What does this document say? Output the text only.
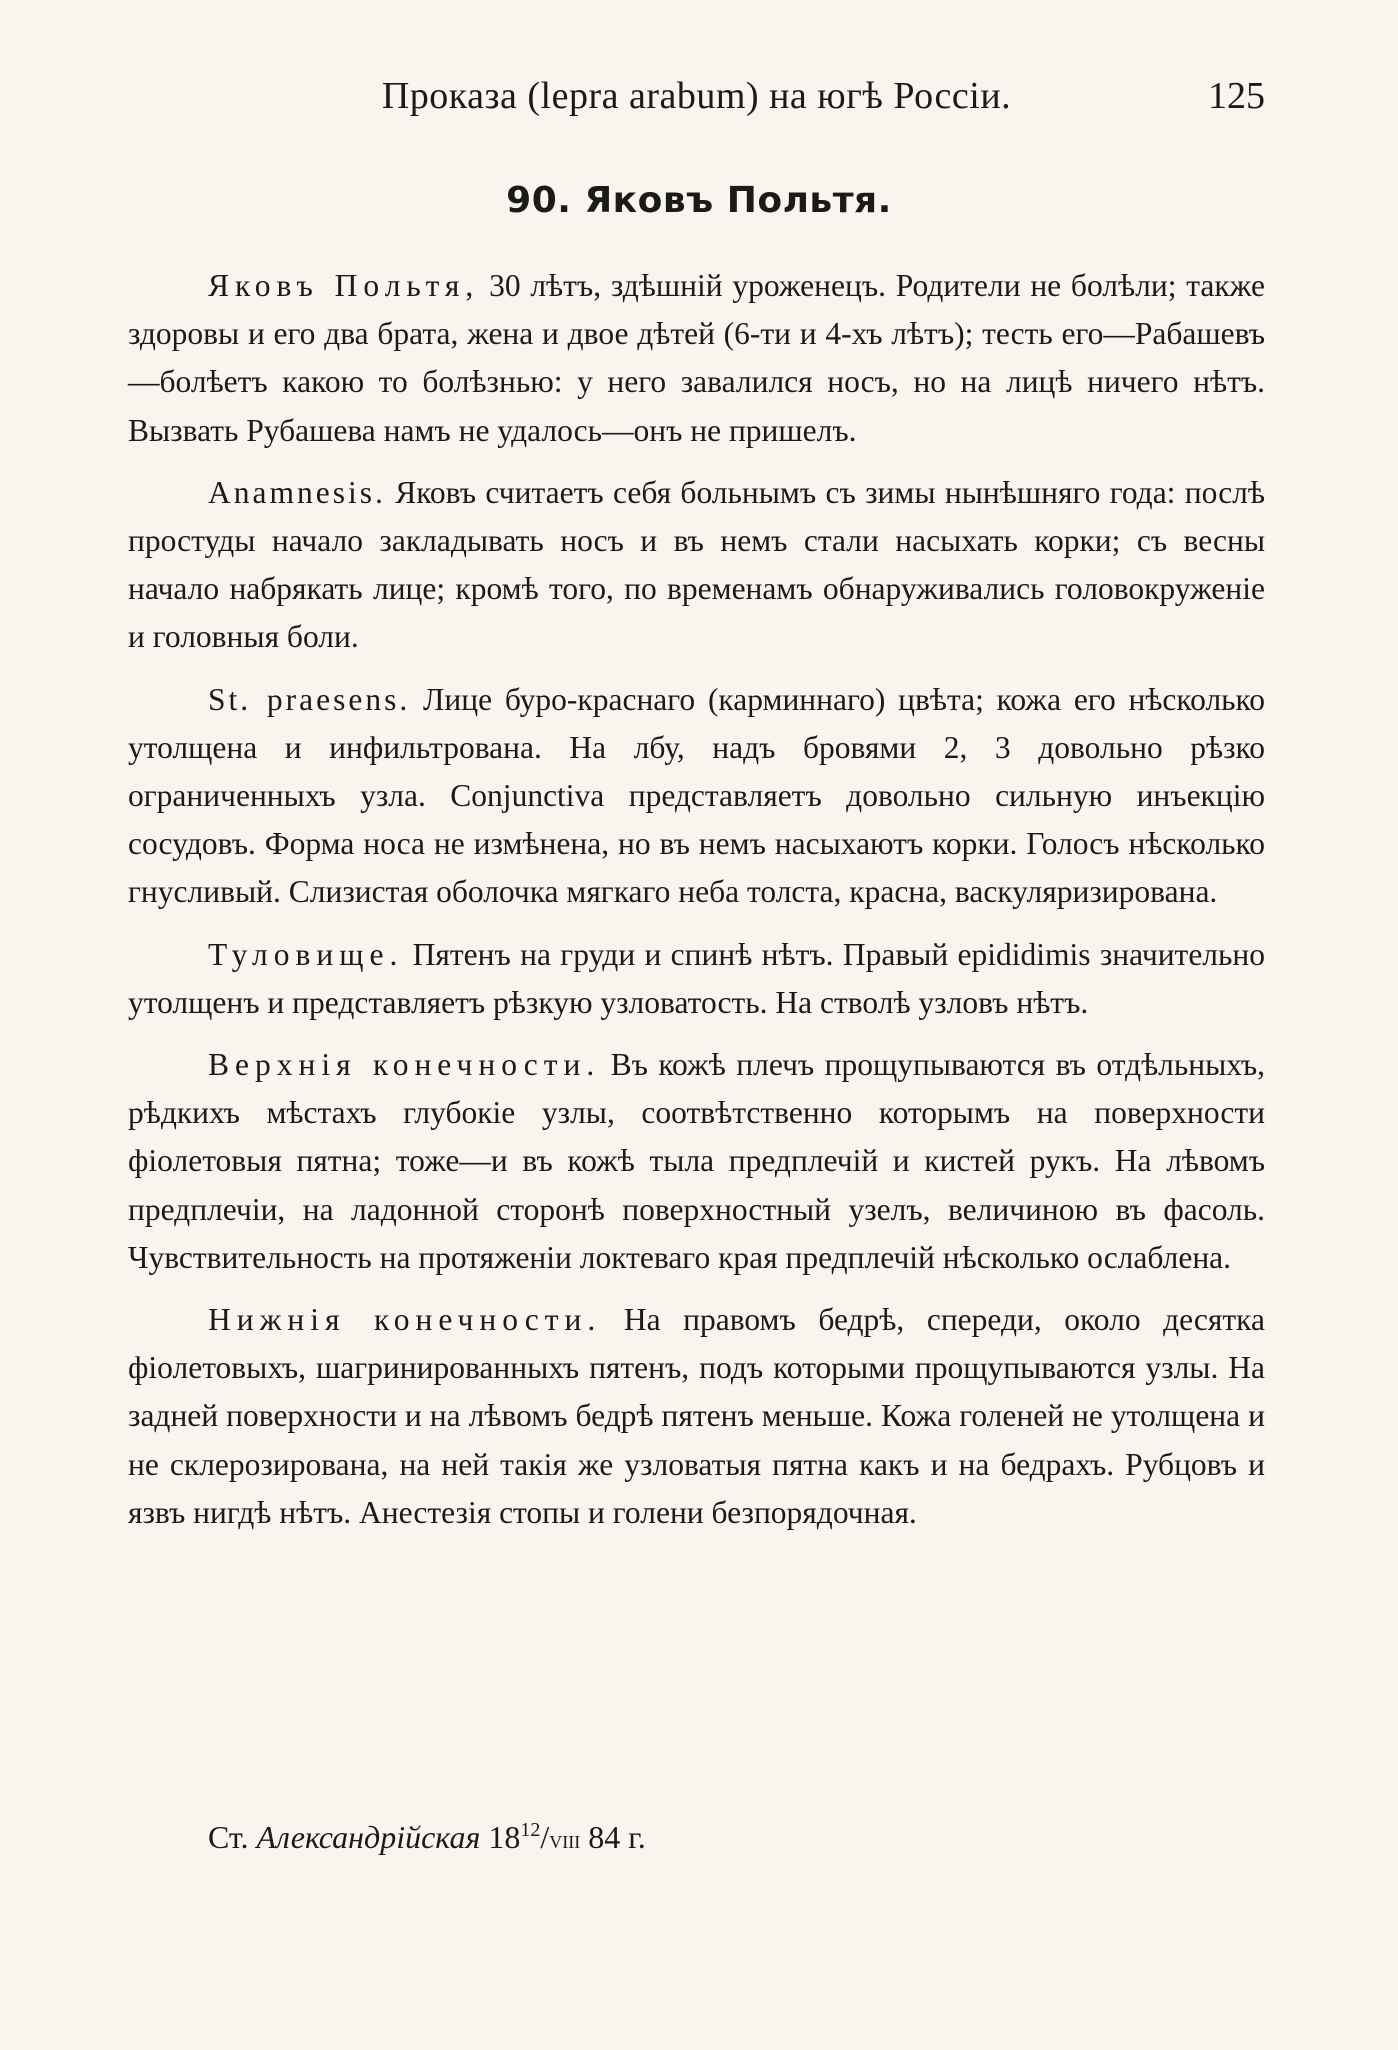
Проказа (lepra arabum) на югѣ Россіи.	125
90. Яковъ Польтя.

Яковъ Польтя, 30 лѣтъ, здѣшній уроженецъ. Родители не болѣли; также здоровы и его два брата, жена и двое дѣтей (6-ти и 4-хъ лѣтъ); тесть его—Рабашевъ—болѣетъ какою то болѣзнью: у него завалился носъ, но на лицѣ ничего нѣтъ. Вызвать Рубашева намъ не удалось—онъ не пришелъ.

Anamnesis. Яковъ считаетъ себя больнымъ съ зимы нынѣшняго года: послѣ простуды начало закладывать носъ и въ немъ стали насыхать корки; съ весны начало набрякать лице; кромѣ того, по временамъ обнаруживались головокруженіе и головныя боли.

St. praesens. Лице буро-краснаго (карминнаго) цвѣта; кожа его нѣсколько утолщена и инфильтрована. На лбу, надъ бровями 2, 3 довольно рѣзко ограниченныхъ узла. Conjunctiva представляетъ довольно сильную инъекцію сосудовъ. Форма носа не измѣнена, но въ немъ насыхаютъ корки. Голосъ нѣсколько гнусливый. Слизистая оболочка мягкаго неба толста, красна, васкуляризирована.

Туловище. Пятенъ на груди и спинѣ нѣтъ. Правый epididimis значительно утолщенъ и представляетъ рѣзкую узловатость. На стволѣ узловъ нѣтъ.

Верхнія конечности. Въ кожѣ плечъ прощупываются въ отдѣльныхъ, рѣдкихъ мѣстахъ глубокіе узлы, соотвѣтственно которымъ на поверхности фіолетовыя пятна; тоже—и въ кожѣ тыла предплечій и кистей рукъ. На лѣвомъ предплечіи, на ладонной сторонѣ поверхностный узелъ, величиною въ фасоль. Чувствительность на протяженіи локтеваго края предплечій нѣсколько ослаблена.

Нижнія конечности. На правомъ бедрѣ, спереди, около десятка фіолетовыхъ, шагринированныхъ пятенъ, подъ которыми прощупываются узлы. На задней поверхности и на лѣвомъ бедрѣ пятенъ меньше. Кожа голеней не утолщена и не склерозирована, на ней такія же узловатыя пятна какъ и на бедрахъ. Рубцовъ и язвъ нигдѣ нѣтъ. Анестезія стопы и голени безпорядочная.

Ст. Александрійская $18^{12}$/VIII 84 г.
